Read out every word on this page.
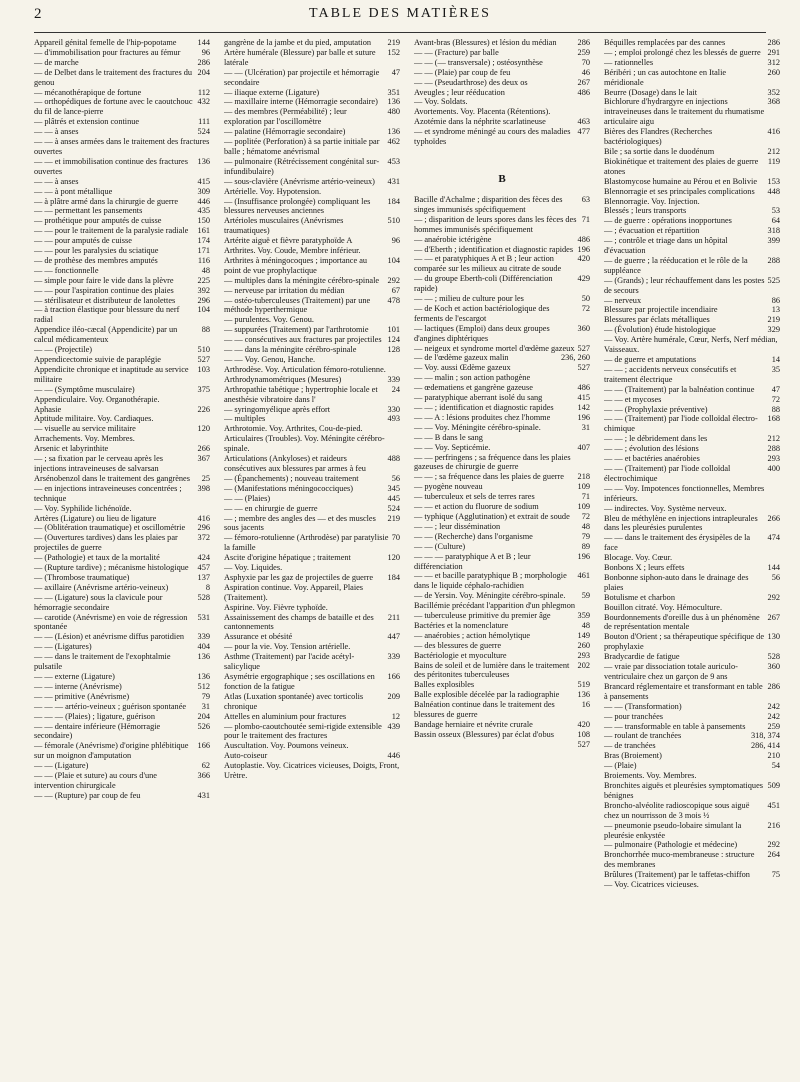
2	TABLE DES MATIÈRES
144
Appareil génital femelle de l'hip-popotame
96
— d'immobilisation pour fractures au fémur
286
— de marche
204
— de Delbet dans le traitement des fractures du genou
112
— mécanothérapique de fortune
432
— orthopédiques de fortune avec le caoutchouc du fil de lance-pierre
111
— plâtrés et extension continue
524
— — à anses
— — à anses armées dans le traitement des fractures ouvertes
136
— — et immobilisation continue des fractures ouvertes
415
— — à anses
309
— — à pont métallique
446
— à plâtre armé dans la chirurgie de guerre
435
— — permettant les pansements
150
— prothétique pour amputés de cuisse
161
— — pour le traitement de la paralysie radiale
174
— — pour amputés de cuisse
171
— — pour les paralysies du sciatique
116
— de prothèse des membres amputés
48
— — fonctionnelle
225
— simple pour faire le vide dans la plèvre
392
— — pour l'aspiration continue des plaies
296
— stérilisateur et distributeur de lanolettes
104
— à traction élastique pour blessure du nerf radial
88
Appendice iléo-cæcal (Appendicite) par un calcul médicamenteux
510
— — (Projectile)
527
Appendicectomie suivie de paraplégie
103
Appendicite chronique et inaptitude au service militaire
375
— — (Symptôme musculaire)
Appendiculaire. Voy. Organothérapie.
226
Aphasie
Aptitude militaire. Voy. Cardiaques.
120
— visuelle au service militaire
Arrachements. Voy. Membres.
266
Arsenic et labyrinthite
367
— ; sa fixation par le cerveau après les injections intraveineuses de salvarsan
25
Arsénobenzol dans le traitement des gangrènes
398
— en injections intraveineuses concentrées ; technique
— Voy. Syphilide lichénoïde.
416
Artères (Ligature) ou lieu de ligature
296
— (Oblitération traumatique) et oscillométrie
372
— (Ouvertures tardives) dans les plaies par projectiles de guerre
424
— (Pathologie) et taux de la mortalité
457
— (Rupture tardive) ; mécanisme histologique
137
— (Thrombose traumatique)
8
— axillaire (Anévrisme artério-veineux)
528
— — (Ligature) sous la clavicule pour hémorragie secondaire
531
— carotide (Anévrisme) en voie de régression spontanée
339
— — (Lésion) et anévrisme diffus parotidien
404
— — (Ligatures)
136
— — dans le traitement de l'exophtalmie pulsatile
136
— — externe (Ligature)
512
— — interne (Anévrisme)
79
— — primitive (Anévrisme)
31
— — — artério-veineux ; guérison spontanée
204
— — — (Plaies) ; ligature, guérison
526
— — dentaire inférieure (Hémorragie secondaire)
166
— fémorale (Anévrisme) d'origine phlébitique sur un moignon d'amputation
62
— — (Ligature)
366
— — (Plaie et suture) au cours d'une intervention chirurgicale
431
— — (Rupture) par coup de feu
219
gangrène de la jambe et du pied, amputation
152
Artère humérale (Blessure) par balle et suture latérale
47
— — (Ulcération) par projectile et hémorragie secondaire
351
— iliaque externe (Ligature)
136
— maxillaire interne (Hémorragie secondaire)
480
— des membres (Perméabilité) ; leur exploration par l'oscillomètre
136
— palatine (Hémorragie secondaire)
462
— poplitée (Perforation) à sa partie initiale par balle ; hématome anévrismal
453
— pulmonaire (Rétrécissement congénital sur-infundibulaire)
431
— sous-clavière (Anévrisme artério-veineux)
Artérielle. Voy. Hypotension.
184
— (Insuffisance prolongée) compliquant les blessures nerveuses anciennes
510
Artérioles musculaires (Anévrismes traumatiques)
96
Artérite aiguë et fièvre paratyphoïde A
Arthrites. Voy. Coude, Membre inférieur.
104
Arthrites à méningocoques ; importance au point de vue prophylactique
292
— multiples dans la méningite cérébro-spinale
67
— nerveuse par irritation du médian
478
— ostéo-tuberculeuses (Traitement) par une méthode hyperthermique
— purulentes. Voy. Genou.
101
— suppurées (Traitement) par l'arthrotomie
124
— — consécutives aux fractures par projectiles
128
— — dans la méningite cérébro-spinale
— — Voy. Genou, Hanche.
Arthrodèse. Voy. Articulation fémoro-rotulienne.
339
Arthrodynamométriques (Mesures)
24
Arthropathie tabétique ; hypertrophie locale et anesthésie vibratoire dans l'
330
— syringomyélique après effort
493
— multiples
Arthrotomie. Voy. Arthrites, Cou-de-pied.
Articulaires (Troubles). Voy. Méningite cérébro-spinale.
488
Articulations (Ankyloses) et raideurs consécutives aux blessures par armes à feu
56
— (Épanchements) ; nouveau traitement
345
— (Manifestations méningococciques)
445
— — (Plaies)
524
— — en chirurgie de guerre
219
— ; membre des angles des — et des muscles sous jacents
70
— fémoro-rotulienne (Arthrodèse) par paratylisie la famille
120
Ascite d'origine hépatique ; traitement
— Voy. Liquides.
184
Asphyxie par les gaz de projectiles de guerre
Aspiration continue. Voy. Appareil, Plaies (Traitement).
Aspirine. Voy. Fièvre typhoïde.
211
Assainissement des champs de bataille et des cantonnements
447
Assurance et obésité
— pour la vie. Voy. Tension artérielle.
339
Asthme (Traitement) par l'acide acétyl-salicylique
166
Asymétrie ergographique ; ses oscillations en fonction de la fatigue
209
Atlas (Luxation spontanée) avec torticolis chronique
12
Attelles en aluminium pour fractures
439
— plombo-caoutchoutée semi-rigide extensible pour le traitement des fractures
Auscultation. Voy. Poumons veineux.
446
Auto-coiseur
Autoplastie. Voy. Cicatrices vicieuses, Doigts, Front, Urètre.
286
Avant-bras (Blessures) et lésion du médian
259
— — (Fracture) par balle
70
— — (— transversale) ; ostéosynthèse
46
— — (Plaie) par coup de feu
267
— — (Pseudarthrose) des deux os
486
Aveugles ; leur rééducation
— Voy. Soldats.
Avortements. Voy. Placenta (Rétentions).
463
Azotémie dans la néphrite scarlatineuse
477
— et syndrome méningé au cours des maladies typhoïdes
B
63
Bacille d'Achalme ; disparition des fèces des singes immunisés spécifiquement
71
— ; disparition de leurs spores dans les fèces des hommes immunisés spécifiquement
486
— anaérobie ictérigène
196
— d'Eberth ; identification et diagnostic rapides
420
— — et paratyphiques A et B ; leur action comparée sur les milieux au citrate de soude
429
— du groupe Eberth-coli (Différenciation rapide)
50
— — ; milieu de culture pour les
72
— de Koch et action bactériologique des ferments de l'escargot
360
— lactiques (Emploi) dans deux groupes d'angines diphtériques
527
— neigeux et syndrome mortel d'œdème gazeux
236, 260
— de l'œdème gazeux malin
527
— Voy. aussi Œdème gazeux
— — malin ; son action pathogène
486
— œdematiens et gangrène gazeuse
415
— paratyphique aberrant isolé du sang
142
— — ; identification et diagnostic rapides
196
— — A : lésions produites chez l'homme
31
— — Voy. Méningite cérébro-spinale.
— — B dans le sang
407
— — Voy. Septicémie.
— — perfringens ; sa fréquence dans les plaies gazeuses de chirurgie de guerre
218
— — ; sa fréquence dans les plaies de guerre
109
— pyogène nouveau
71
— tuberculeux et sels de terres rares
109
— — et action du fluorure de sodium
72
— typhique (Agglutination) et extrait de soude
48
— — ; leur dissémination
79
— — (Recherche) dans l'organisme
89
— — (Culture)
196
— — — paratyphique A et B ; leur différenciation
461
— — et bacille paratyphique B ; morphologie dans le liquide céphalo-rachidien
59
— de Yersin. Voy. Méningite cérébro-spinale.
Bacillémie précédant l'apparition d'un phlegmon
359
— tuberculeuse primitive du premier âge
48
Bactéries et la nomenclature
149
— anaérobies ; action hémolytique
260
— des blessures de guerre
293
Bactériologie et myoculture
202
Bains de soleil et de lumière dans le traitement des péritonites tuberculeuses
519
Balles explosibles
136
Balle explosible décelée par la radiographie
16
Balnéation continue dans le traitement des blessures de guerre
420
Bandage herniaire et névrite crurale
108
Bassin osseux (Blessures) par éclat d'obus
527
286
Béquilles remplacées par des cannes
291
— ; emploi prolongé chez les blessés de guerre
312
— rationnelles
260
Béribéri ; un cas autochtone en Italie méridionale
352
Beurre (Dosage) dans le lait
368
Bichlorure d'hydrargyre en injections intraveineuses dans le traitement du rhumatisme articulaire aigu
416
Bières des Flandres (Recherches bactériologiques)
212
Bile ; sa sortie dans le duodénum
119
Biokinétique et traitement des plaies de guerre atones
153
Blastomycose humaine au Pérou et en Bolivie
448
Blennorragie et ses principales complications
Blennorragie. Voy. Injection.
53
Blessés ; leurs transports
64
— de guerre : opérations inopportunes
318
— ; évacuation et répartition
399
— ; contrôle et triage dans un hôpital d'évacuation
288
— de guerre ; la rééducation et le rôle de la suppléance
525
— (Grands) ; leur réchauffement dans les postes de secours
86
— nerveux
13
Blessure par projectile incendiaire
219
Blessures par éclats métalliques
329
— (Évolution) étude histologique
— Voy. Artère humérale, Cœur, Nerfs, Nerf médian, Vaisseaux.
14
— de guerre et amputations
35
— — ; accidents nerveux consécutifs et traitement électrique
47
— — (Traitement) par la balnéation continue
72
— — et mycoses
88
— — (Prophylaxie préventive)
168
— — (Traitement) par l'iode colloïdal électro-chimique
212
— — ; le débridement dans les
288
— — ; évolution des lésions
293
— — et bactéries anaérobies
400
— — (Traitement) par l'iode colloïdal électrochimique
— — Voy. Impotences fonctionnelles, Membres inférieurs.
— indirectes. Voy. Système nerveux.
266
Bleu de méthylène en injections intrapleurales dans les pleurésies purulentes
474
— — dans le traitement des érysipèles de la face
Blocage. Voy. Cœur.
144
Bonbons X ; leurs effets
56
Bonbonne siphon-auto dans le drainage des plaies
292
Botulisme et charbon
Bouillon citraté. Voy. Hémoculture.
267
Bourdonnements d'oreille dus à un phénomène de représentation mentale
130
Bouton d'Orient ; sa thérapeutique spécifique de prophylaxie
528
Bradycardie de fatigue
360
— vraie par dissociation totale auriculo-ventriculaire chez un garçon de 9 ans
286
Brancard réglementaire et transformant en table à pansements
242
— — (Transformation)
242
— pour tranchées
259
— — transformable en table à pansements
318, 374
— roulant de tranchées
286, 414
— de tranchées
210
Bras (Broiement)
54
— (Plaie)
Broiements. Voy. Membres.
509
Bronchites aiguës et pleurésies symptomatiques bénignes
451
Broncho-alvéolite radioscopique sous aiguë chez un nourrisson de 3 mois ½
216
— pneumonie pseudo-lobaire simulant la pleurésie enkystée
292
— pulmonaire (Pathologie et médecine)
264
Bronchorrhée muco-membraneuse : structure des membranes
75
Brûlures (Traitement) par le taffetas-chiffon
— Voy. Cicatrices vicieuses.
